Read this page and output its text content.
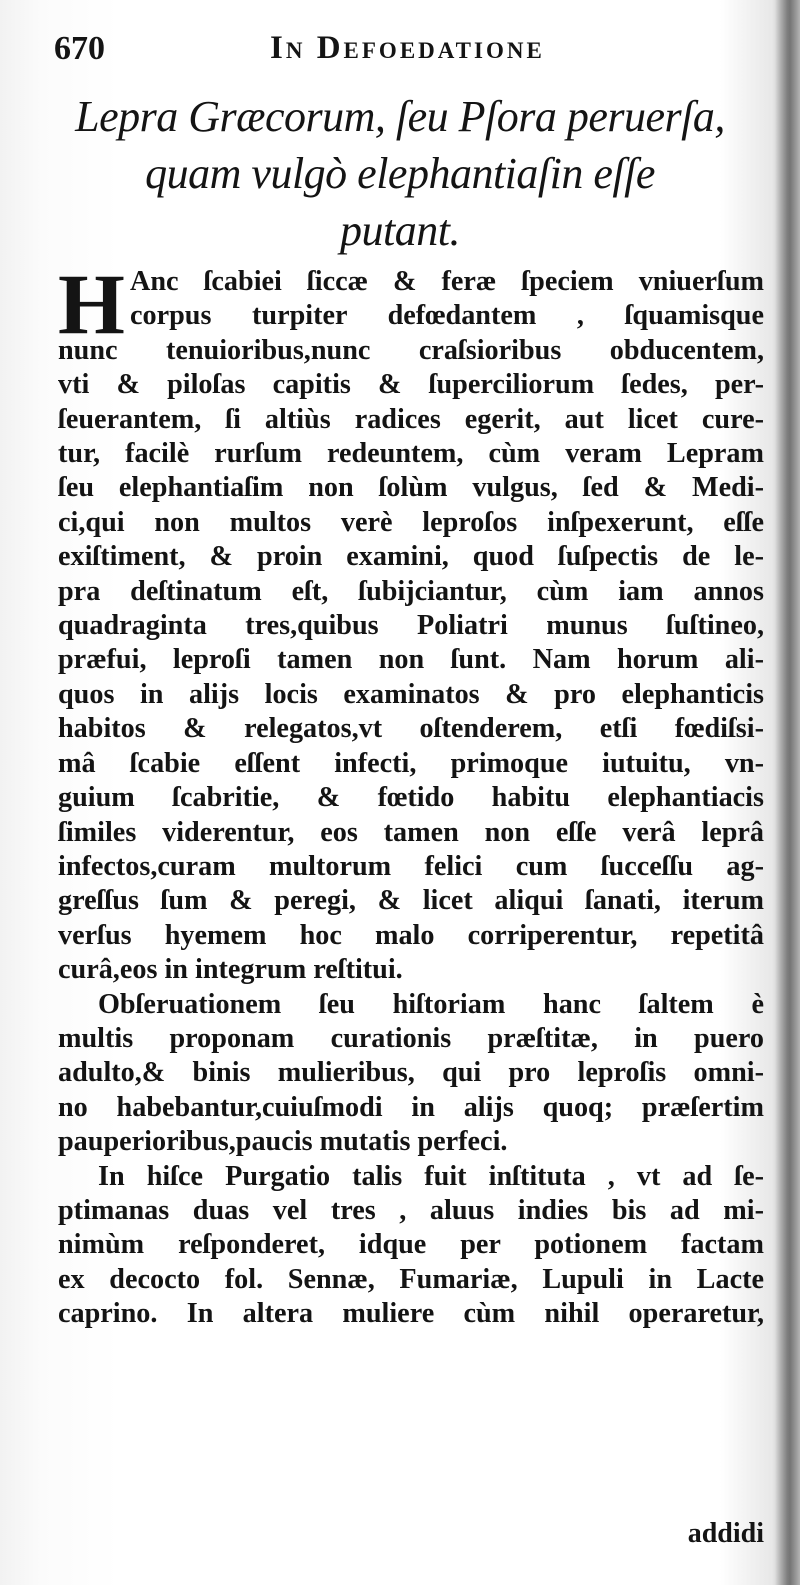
670	In Defoedatione
Lepra Græcorum, ſeu Pſora peruerſa,
quam vulgò elephantiaſin eſſe
putant.
H Anc ſcabiei ſiccæ & feræ ſpeciem vniuerſum
corpus turpiter defœdantem , ſquamisque
nunc tenuioribus,nunc craſsioribus obducentem,
vti & piloſas capitis & ſuperciliorum ſedes, per-
ſeuerantem, ſi altiùs radices egerit, aut licet cure-
tur, facilè rurſum redeuntem, cùm veram Lepram
ſeu elephantiaſim non ſolùm vulgus, ſed & Medi-
ci,qui non multos verè leproſos inſpexerunt, eſſe
exiſtiment, & proin examini, quod ſuſpectis de le-
pra deſtinatum eſt, ſubijciantur, cùm iam annos
quadraginta tres,quibus Poliatri munus ſuſtineo,
præfui, leproſi tamen non ſunt. Nam horum ali-
quos in alijs locis examinatos & pro elephanticis
habitos & relegatos,vt oſtenderem, etſi fœdiſsi-
mâ ſcabie eſſent infecti, primoque iutuitu, vn-
guium ſcabritie, & fœtido habitu elephantiacis
ſimiles viderentur, eos tamen non eſſe verâ leprâ
infectos,curam multorum felici cum ſucceſſu ag-
greſſus ſum & peregi, & licet aliqui ſanati, iterum
verſus hyemem hoc malo corriperentur, repetitâ
curâ,eos in integrum reſtitui.
Obſeruationem ſeu hiſtoriam hanc ſaltem è
multis proponam curationis præſtitæ, in puero
adulto,& binis mulieribus, qui pro leproſis omni-
no habebantur,cuiuſmodi in alijs quoq; præſertim
pauperioribus,paucis mutatis perfeci.
In hiſce Purgatio talis fuit inſtituta , vt ad ſe-
ptimanas duas vel tres , aluus indies bis ad mi-
nimùm reſponderet, idque per potionem factam
ex decocto fol. Sennæ, Fumariæ, Lupuli in Lacte
caprino. In altera muliere cùm nihil operaretur,
addidi
